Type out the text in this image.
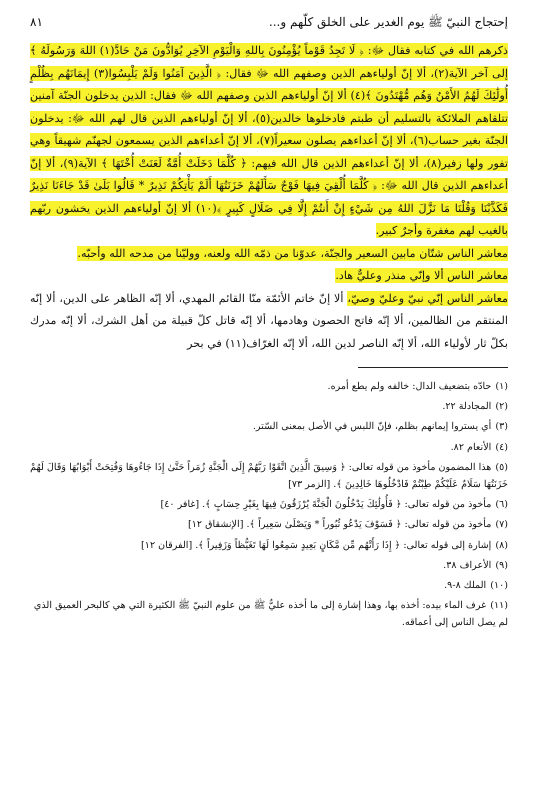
إحتجاج النبيّ ﷺ يوم الغدير على الخلق كلّهم و...
٨١

ذكرهم الله في كتابه فقال ﷻ: ﴿ لَا تَجِدُ قَوْماً يُؤْمِنُونَ بِاللهِ وَالْيَوْمِ الآخِرِ يُوَادُّونَ مَنْ حَادَّ(١) اللهَ وَرَسُولَهُ ﴾ إلى آخر الآية(٢)، ألا إنّ أولياءهم الذين وصفهم الله ﷻ فقال: ﴿ الَّذِينَ آمَنُوا وَلَمْ يَلْبِسُوا(٣) إِيمَانَهُم بِظُلْمٍ أُولَٰئِكَ لَهُمُ الأَمْنُ وَهُم مُّهْتَدُونَ ﴾(٤) ألا إنّ أولياءهم الذين وصفهم الله ﷻ فقال: الذين يدخلون الجنّة آمنين تتلقاهم الملائكة بالتسليم أن طبتم فادخلوها خالدين(٥)، ألا إنّ أولياءهم الذين قال لهم الله ﷻ: يدخلون الجنّة بغير حساب(٦)، ألا إنّ أعداءهم يصلون سعيراً(٧)، ألا إنّ أعداءهم الذين يسمعون لجهنّم شهيقاً وهي تفور ولها زفير(٨)، ألا إنّ أعداءهم الذين قال الله فيهم: ﴿ كُلَّمَا دَخَلَتْ أُمَّةٌ لَعَنَتْ أُخْتَهَا ﴾ الآية(٩)، ألا إنّ أعداءهم الذين قال الله ﷻ: ﴿ كُلَّمَا أُلْقِيَ فِيهَا فَوْجٌ سَأَلَهُمْ خَزَنَتُهَا أَلَمْ يَأْتِكُمْ نَذِيرٌ * قَالُوا بَلَىٰ قَدْ جَاءَنَا نَذِيرٌ فَكَذَّبْنَا وَقُلْنَا مَا نَزَّلَ اللهُ مِن شَيْءٍ إِنْ أَنتُمْ إِلَّا فِي ضَلَالٍ كَبِيرٍ ﴾(١٠) ألا إنّ أولياءهم الذين يخشون ربّهم بالغيب لهم مغفرة وأجرٌ كبير.

معاشر الناس شتّان مابين السعير والجنّة، عدوّنا من ذمّه الله ولعنه، ووليّنا من مدحه الله وأحبّه.

معاشر الناس ألا وإنّي منذر وعليٌّ هاد.

معاشر الناس إنّي نبيّ وعليّ وصيّ، ألا إنّ خاتم الأئمّة منّا القائم المهدي، ألا إنّه الظاهر على الدين، ألا إنّه المنتقم من الظالمين، ألا إنّه فاتح الحصون وهادمها، ألا إنّه قاتل كلّ قبيلة من أهل الشرك، ألا إنّه مدرك بكلّ ثار لأولياء الله، ألا إنّه الناصر لدين الله، ألا إنّه الغرّاف(١١) في بحر

(١)حادّه بتضعيف الدال: خالفه ولم يطع أمره.

(٢)المجادلة ٢٢.

(٣)أي يستروا إيمانهم بظلم، فإنّ اللبس في الأصل بمعنى السّتر.

(٤)الأنعام ٨٢.

(٥)هذا المضمون مأخوذ من قوله تعالى: ﴿ وَسِيقَ الَّذِينَ اتَّقَوْا رَبَّهُمْ إِلَى الْجَنَّةِ زُمَراً حَتَّىٰ إِذَا جَاءُوهَا وَفُتِحَتْ أَبْوَابُهَا وَقَالَ لَهُمْ خَزَنَتُهَا سَلَامٌ عَلَيْكُمْ طِبْتُمْ فَادْخُلُوهَا خَالِدِينَ ﴾. [الزمر ٧٣]

(٦)مأخوذ من قوله تعالى: ﴿ فَأُولَٰئِكَ يَدْخُلُونَ الْجَنَّةَ يُرْزَقُونَ فِيهَا بِغَيْرِ حِسَابٍ ﴾. [غافر ٤٠]

(٧)مأخوذ من قوله تعالى: ﴿ فَسَوْفَ يَدْعُو ثُبُوراً * وَيَصْلَىٰ سَعِيراً ﴾. [الإنشقاق ١٢]

(٨)إشارة إلى قوله تعالى: ﴿ إِذَا رَأَتْهُم مِّن مَّكَانٍ بَعِيدٍ سَمِعُوا لَهَا تَغَيُّظاً وَزَفِيراً ﴾. [الفرقان ١٢]

(٩)الأعراف ٣٨.

(١٠)الملك ٨-٩.

(١١)غرف الماء بيده: أخذه بها، وهذا إشارة إلى ما أخذه عليٌّ ﷺ من علوم النبيّ ﷺ الكثيرة التي هي كالبحر العميق الذي لم يصل الناس إلى أعماقه.
